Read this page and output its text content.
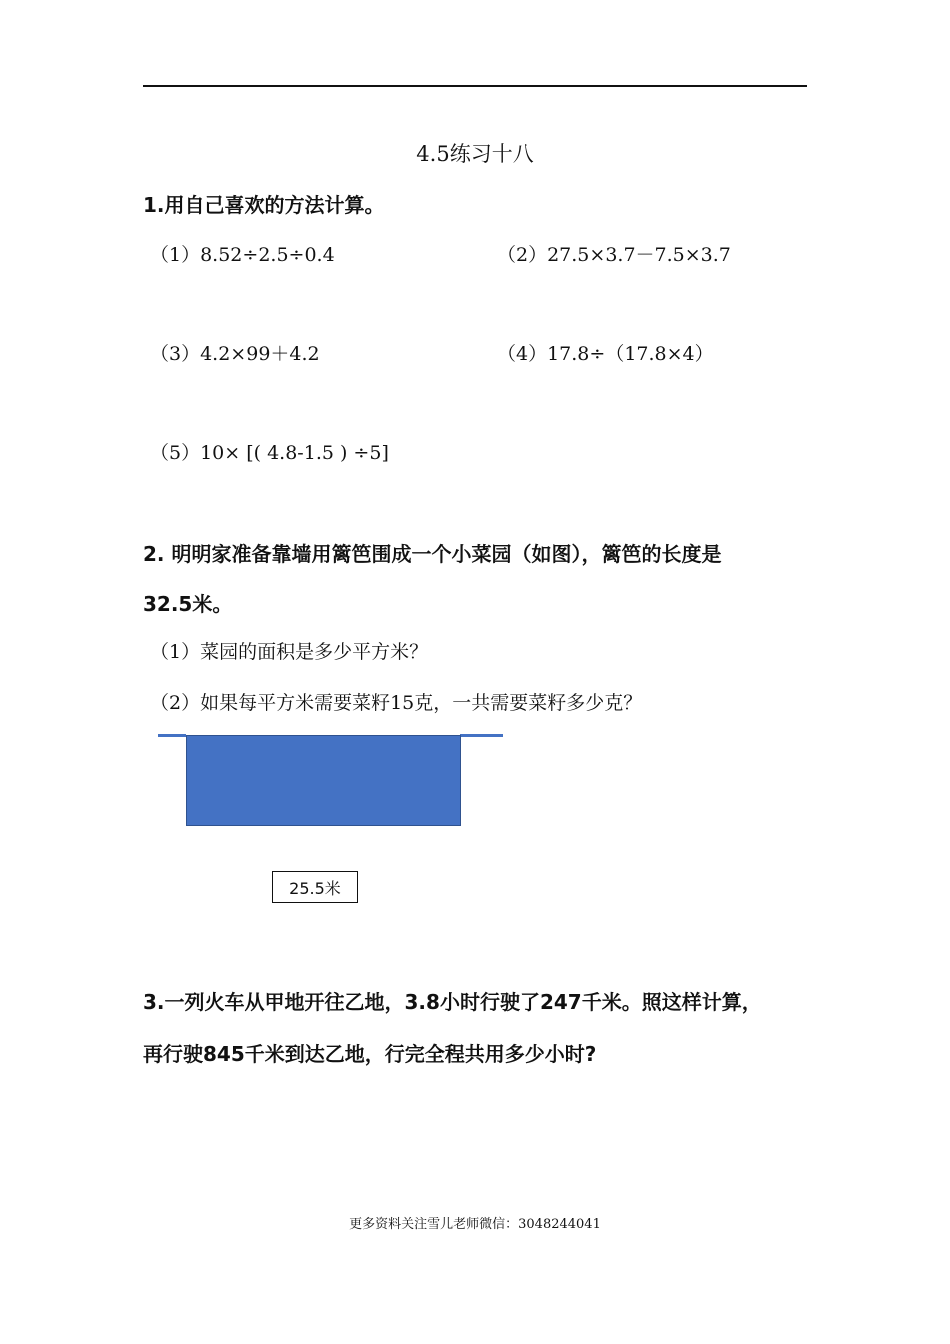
4.5练习十八
1.用自己喜欢的方法计算。
（1）8.52÷2.5÷0.4	（2）27.5×3.7－7.5×3.7
（3）4.2×99＋4.2	（4）17.8÷（17.8×4）
（5）10× [( 4.8-1.5 ) ÷5]
2. 明明家准备靠墙用篱笆围成一个小菜园（如图），篱笆的长度是
32.5米。
（1）菜园的面积是多少平方米？
（2）如果每平方米需要菜籽15克，一共需要菜籽多少克？
25.5米
3.一列火车从甲地开往乙地，3.8小时行驶了247千米。照这样计算，
再行驶845千米到达乙地，行完全程共用多少小时?
更多资料关注雪儿老师微信：3048244041
